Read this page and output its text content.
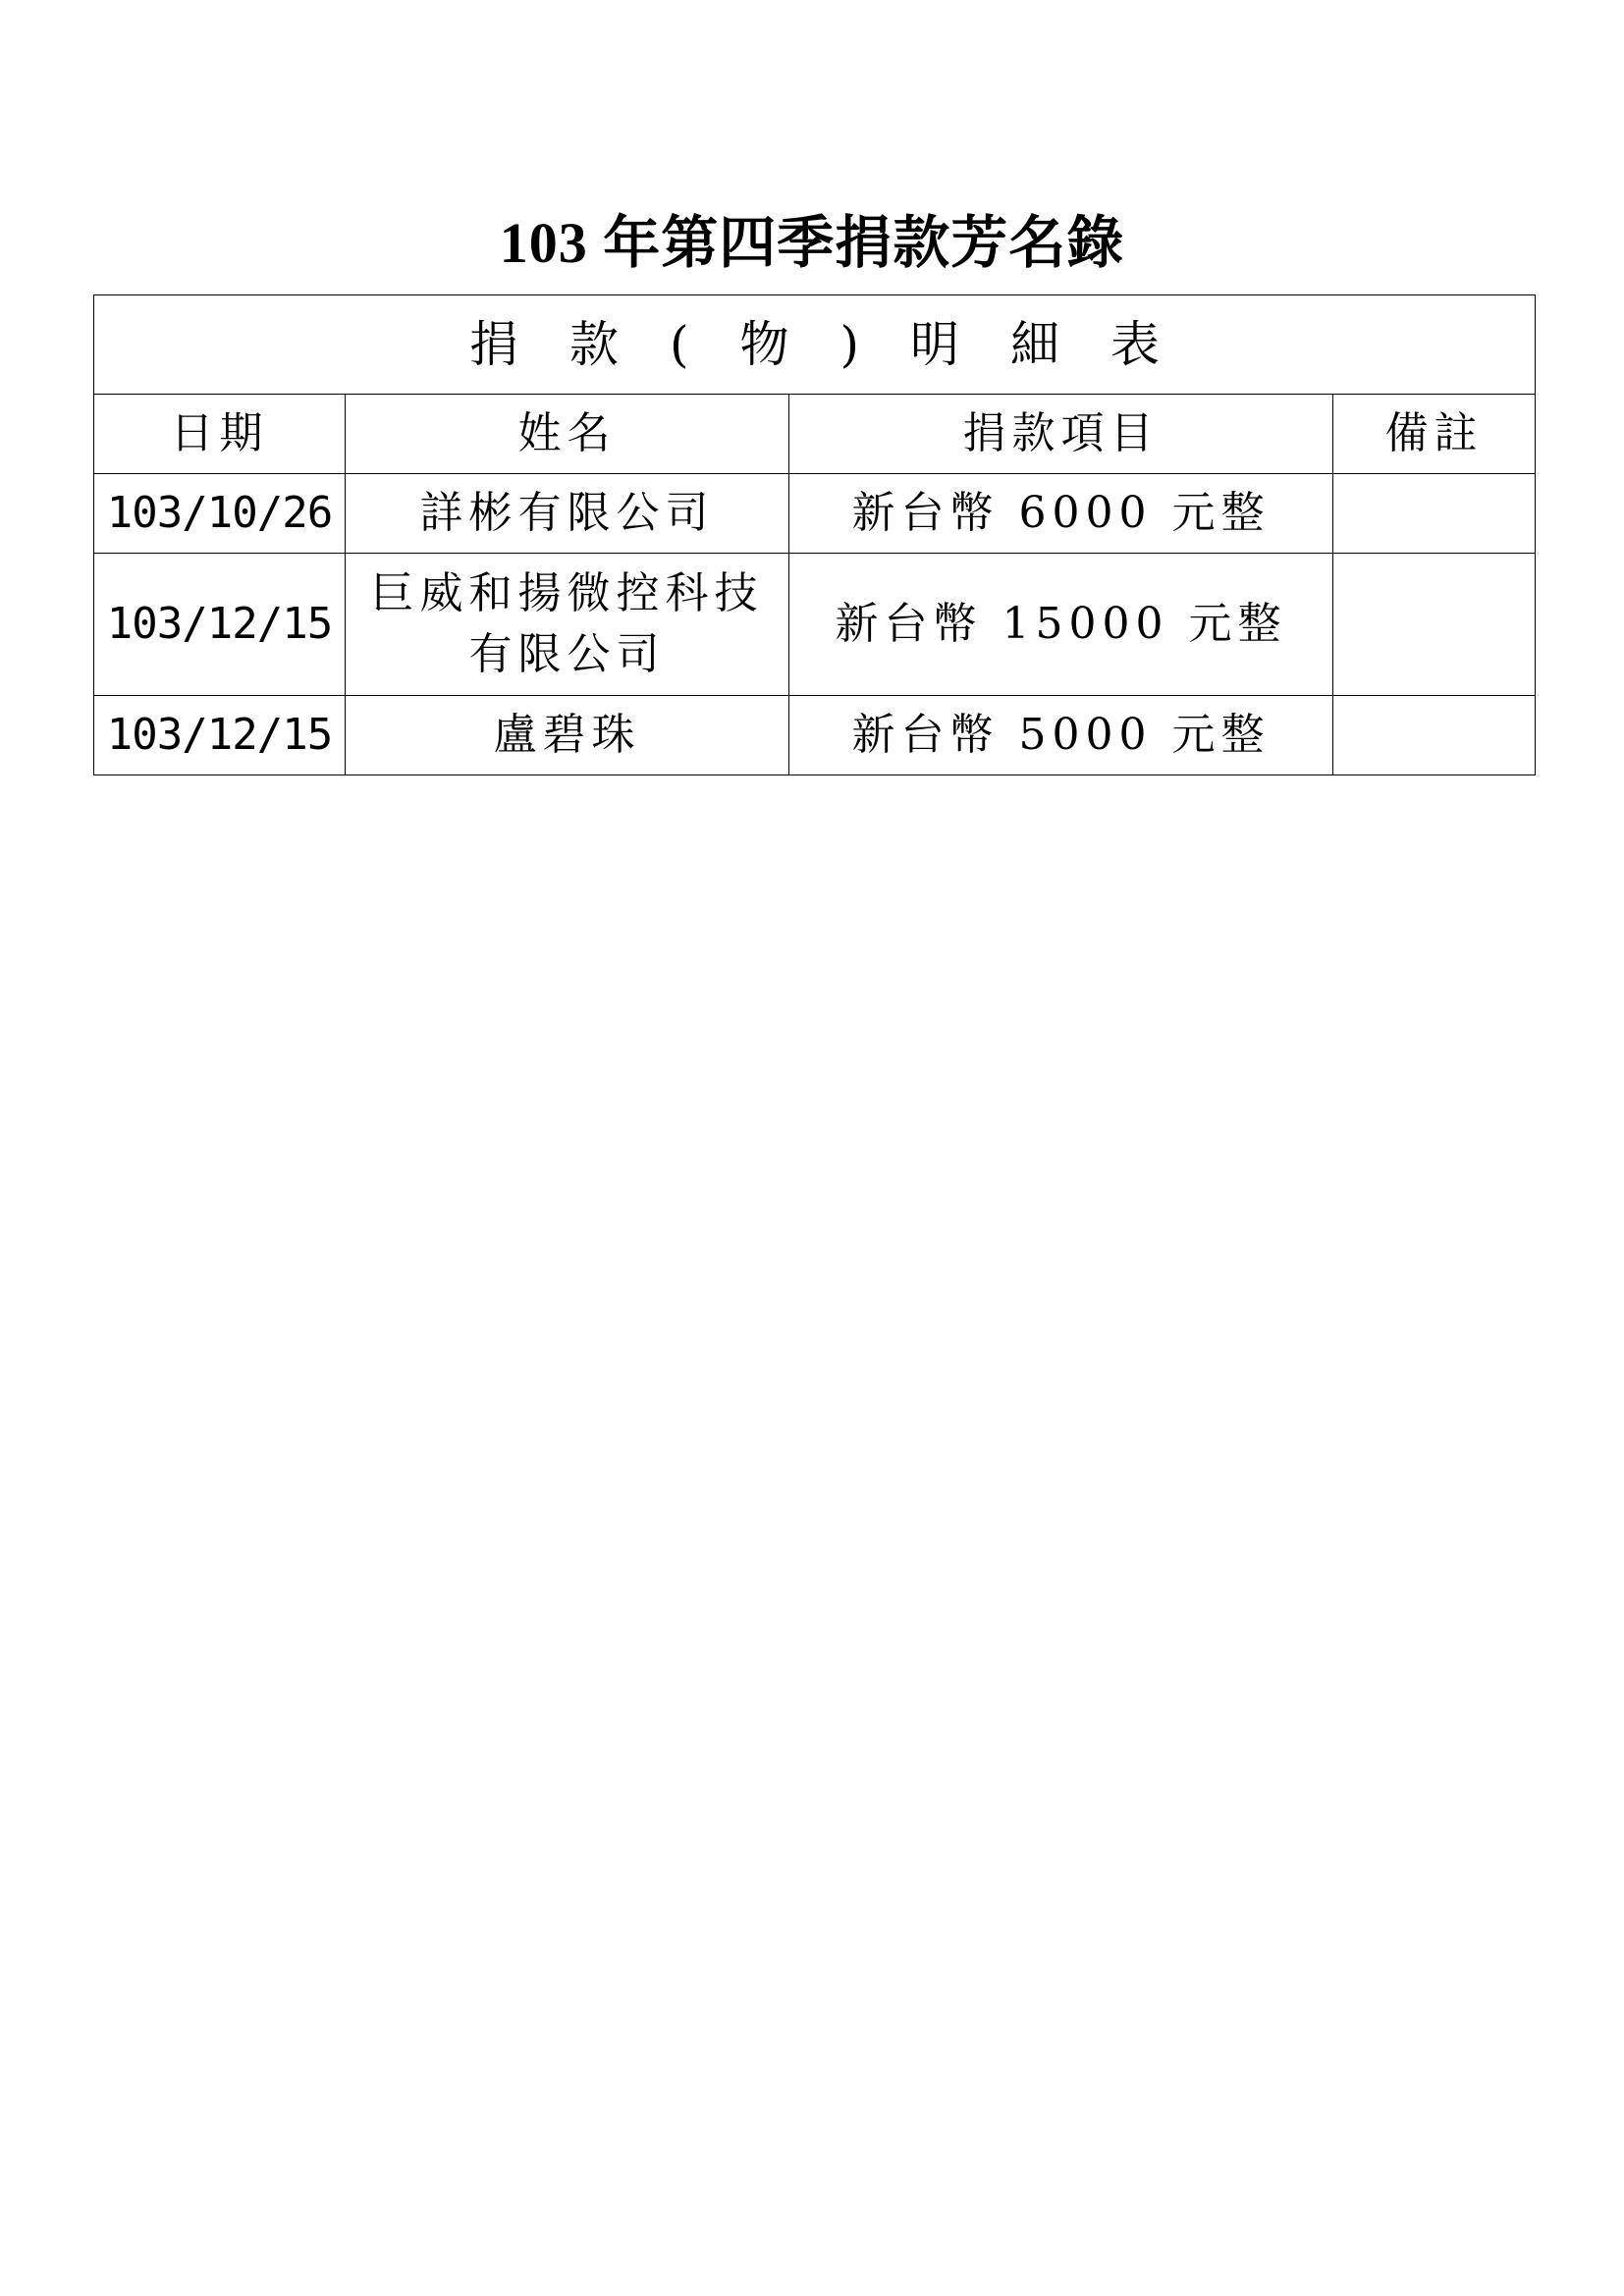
103 年第四季捐款芳名錄
捐款(物)明細表			
日期	姓名	捐款項目	備註
103/10/26	詳彬有限公司	新台幣 6000 元整	
103/12/15	巨威和揚微控科技有限公司	新台幣 15000 元整	
103/12/15	盧碧珠	新台幣 5000 元整	
